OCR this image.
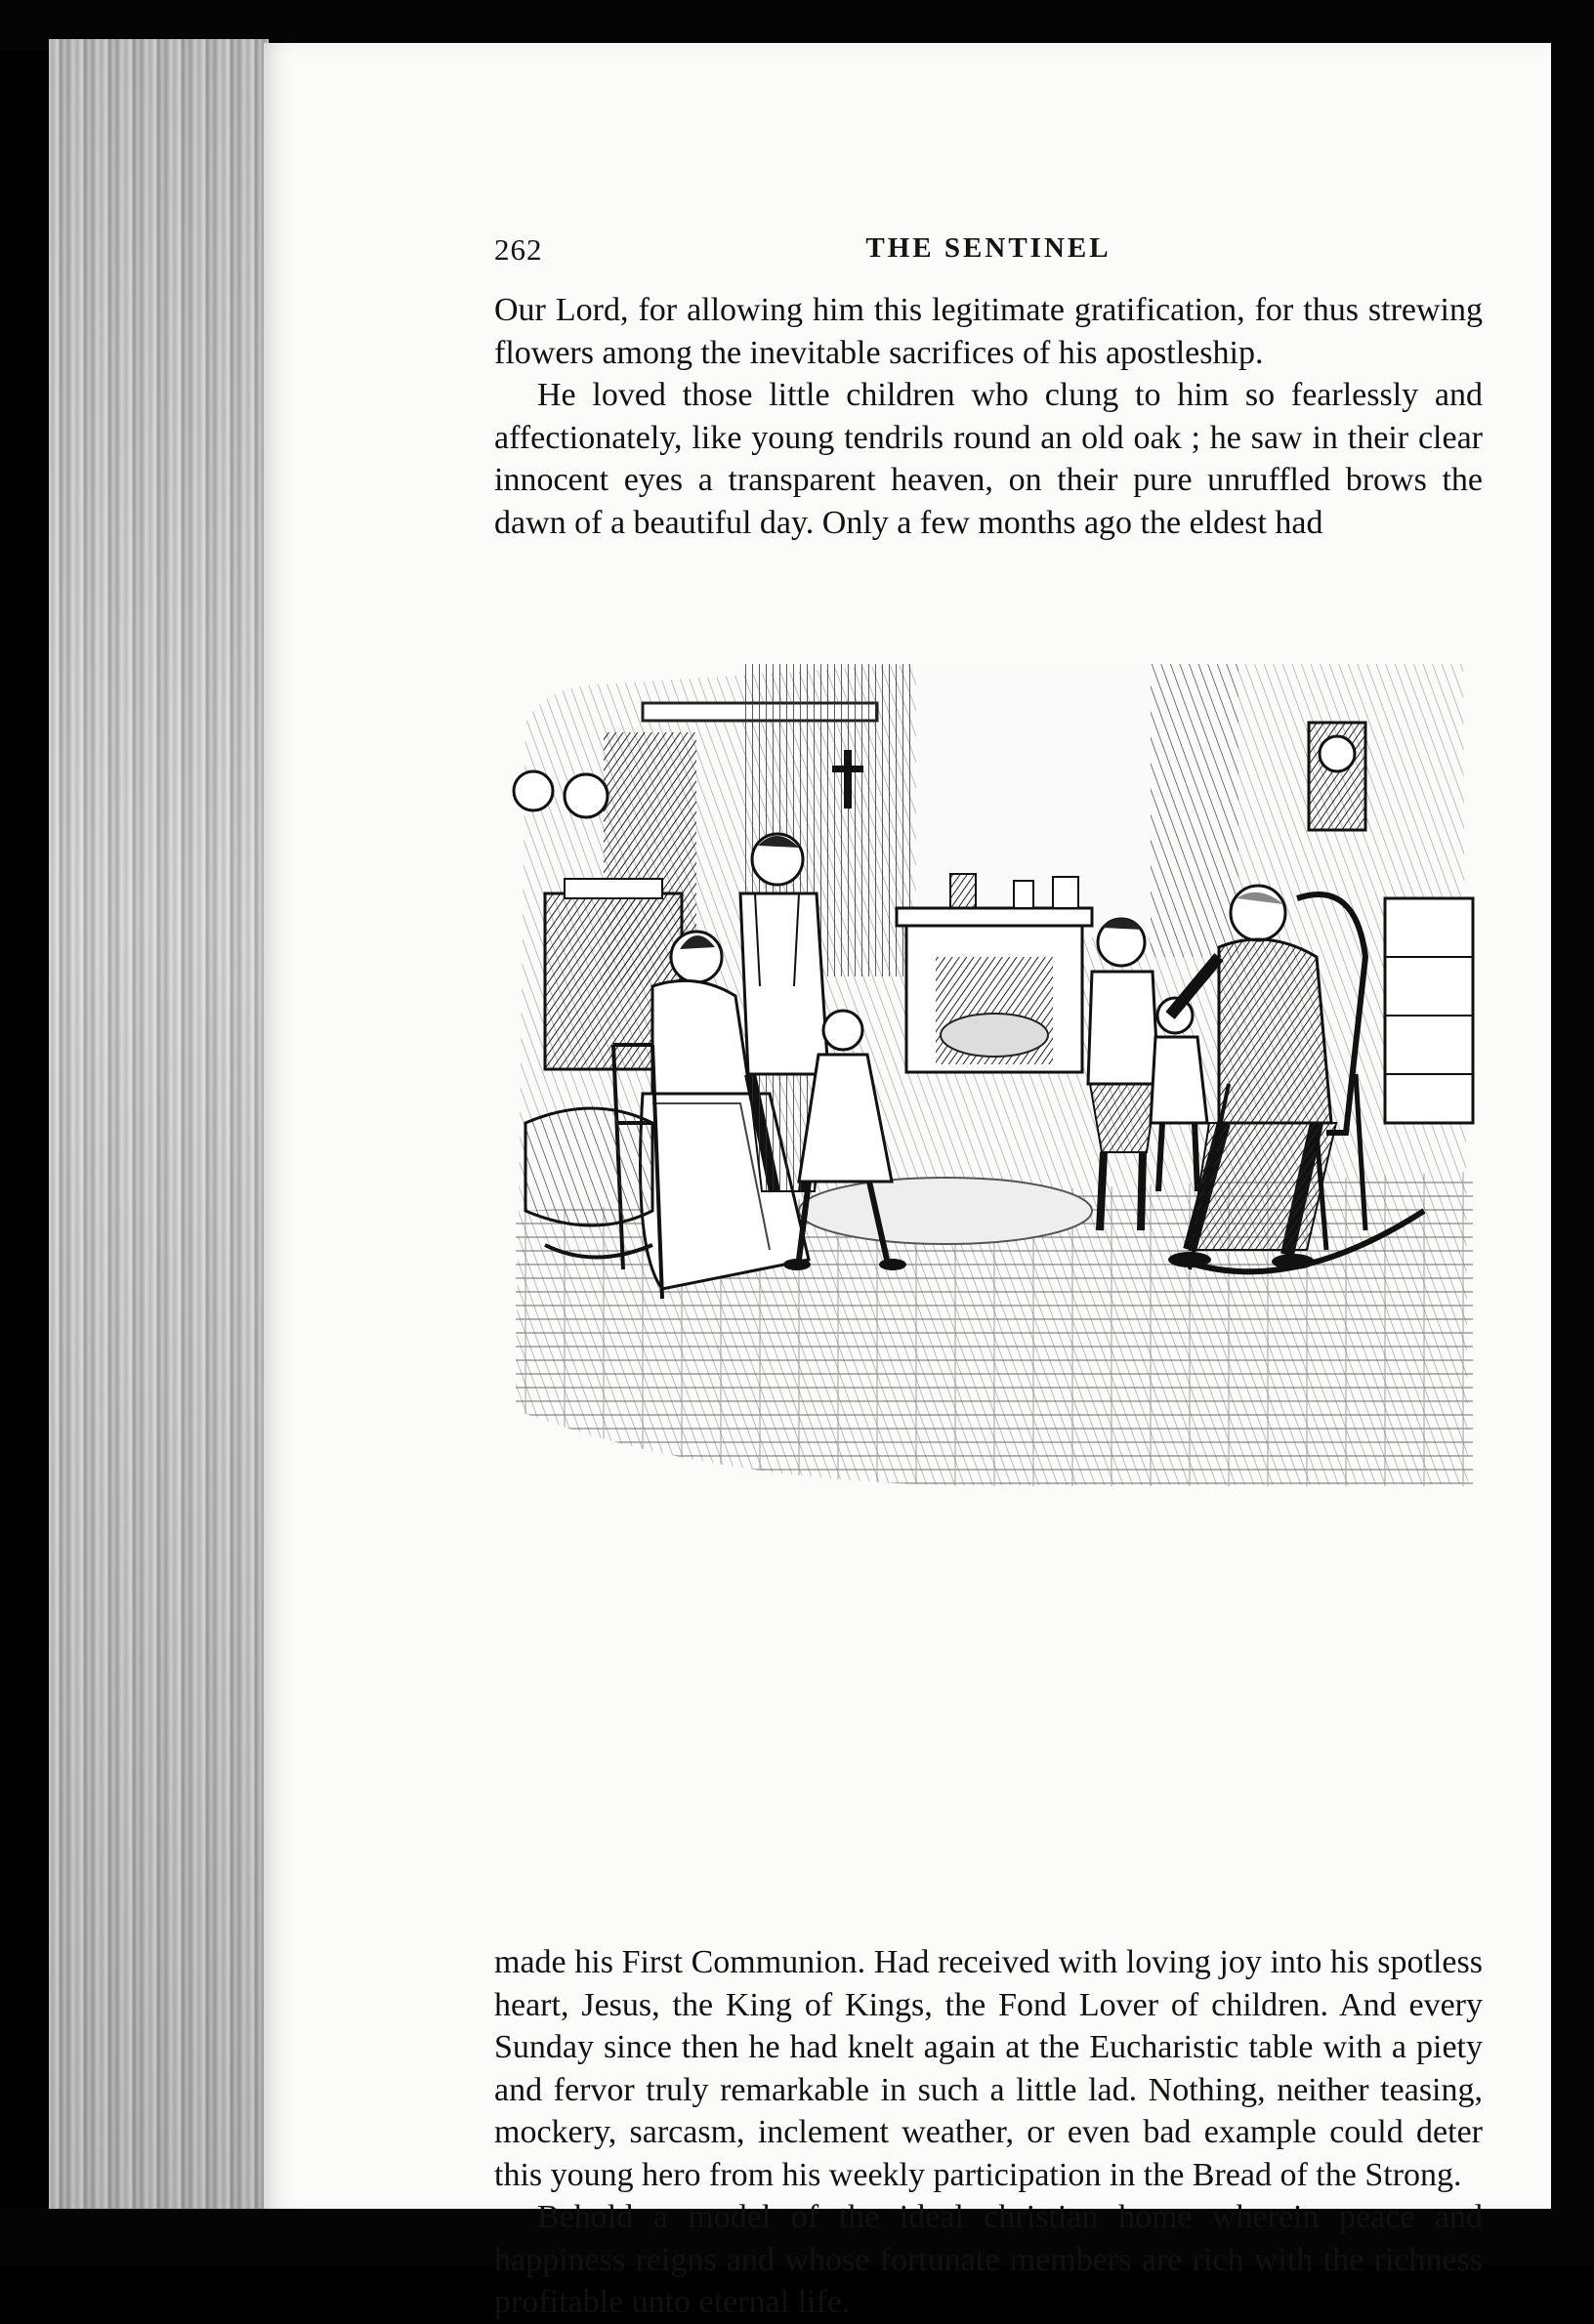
262	THE SENTINEL

Our Lord, for allowing him this legitimate gratification, for thus strewing flowers among the inevitable sacrifices of his apostleship.

He loved those little children who clung to him so fearlessly and affectionately, like young tendrils round an old oak ; he saw in their clear innocent eyes a transparent heaven, on their pure unruffled brows the dawn of a beautiful day. Only a few months ago the eldest had

made his First Communion. Had received with loving joy into his spotless heart, Jesus, the King of Kings, the Fond Lover of children. And every Sunday since then he had knelt again at the Eucharistic table with a piety and fervor truly remarkable in such a little lad. Nothing, neither teasing, mockery, sarcasm, inclement weather, or even bad example could deter this young hero from his weekly participation in the Bread of the Strong.

Behold a model of the ideal christian home wherein peace and happiness reigns and whose fortunate members are rich with the richness profitable unto eternal life.
